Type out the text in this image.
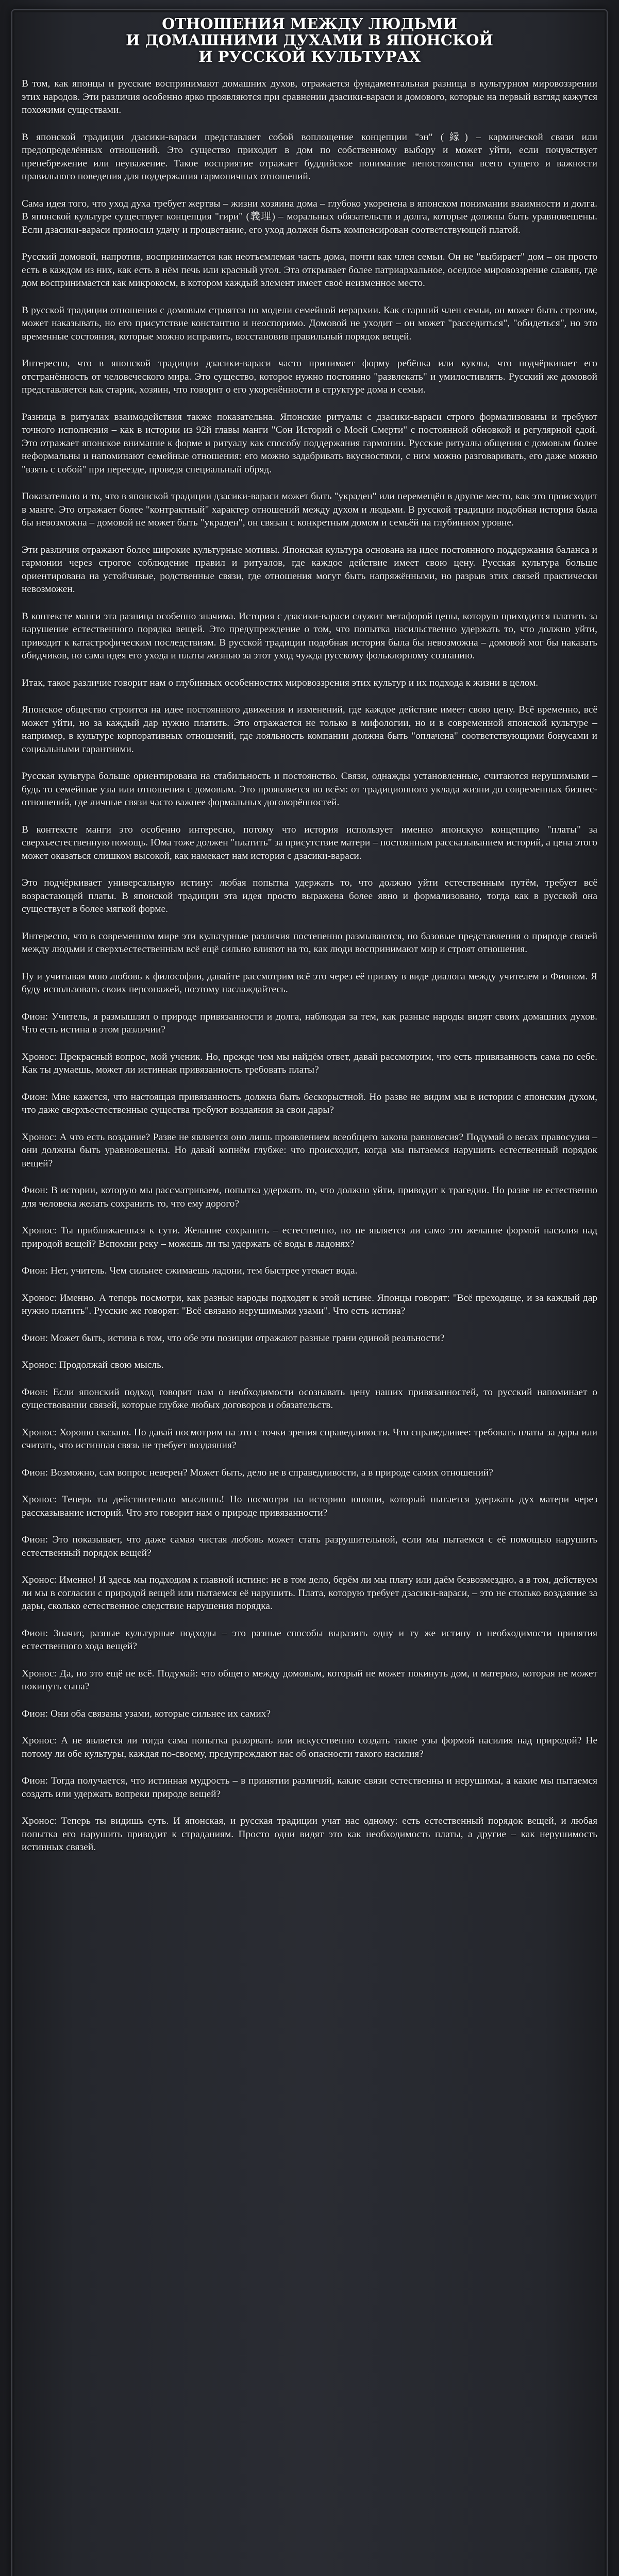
ОТНОШЕНИЯ МЕЖДУ ЛЮДЬМИ
И ДОМАШНИМИ ДУХАМИ В ЯПОНСКОЙ
И РУССКОЙ КУЛЬТУРАХ

В том, как японцы и русские воспринимают домашних духов, отражается фундаментальная разница в культурном мировоззрении этих народов. Эти различия особенно ярко проявляются при сравнении дзасики-вараси и домового, которые на первый взгляд кажутся похожими существами.

В японской традиции дзасики-вараси представляет собой воплощение концепции "эн" (縁) – кармической связи или предопределённых отношений. Это существо приходит в дом по собственному выбору и может уйти, если почувствует пренебрежение или неуважение. Такое восприятие отражает буддийское понимание непостоянства всего сущего и важности правильного поведения для поддержания гармоничных отношений.

Сама идея того, что уход духа требует жертвы – жизни хозяина дома – глубоко укоренена в японском понимании взаимности и долга. В японской культуре существует концепция "гири" (義理) – моральных обязательств и долга, которые должны быть уравновешены. Если дзасики-вараси приносил удачу и процветание, его уход должен быть компенсирован соответствующей платой.

Русский домовой, напротив, воспринимается как неотъемлемая часть дома, почти как член семьи. Он не "выбирает" дом – он просто есть в каждом из них, как есть в нём печь или красный угол. Эта открывает более патриархальное, оседлое мировоззрение славян, где дом воспринимается как микрокосм, в котором каждый элемент имеет своё неизменное место.

В русской традиции отношения с домовым строятся по модели семейной иерархии. Как старший член семьи, он может быть строгим, может наказывать, но его присутствие константно и неоспоримо. Домовой не уходит – он может "расседиться", "обидеться", но это временные состояния, которые можно исправить, восстановив правильный порядок вещей.

Интересно, что в японской традиции дзасики-вараси часто принимает форму ребёнка или куклы, что подчёркивает его отстранённость от человеческого мира. Это существо, которое нужно постоянно "развлекать" и умилостивлять. Русский же домовой представляется как старик, хозяин, что говорит о его укоренённости в структуре дома и семьи.

Разница в ритуалах взаимодействия также показательна. Японские ритуалы с дзасики-вараси строго формализованы и требуют точного исполнения – как в истории из 92й главы манги "Сон Историй о Моей Смерти" с постоянной обновкой и регулярной едой. Это отражает японское внимание к форме и ритуалу как способу поддержания гармонии. Русские ритуалы общения с домовым более неформальны и напоминают семейные отношения: его можно задабривать вкусностями, с ним можно разговаривать, его даже можно "взять с собой" при переезде, проведя специальный обряд.

Показательно и то, что в японской традиции дзасики-вараси может быть "украден" или перемещён в другое место, как это происходит в манге. Это отражает более "контрактный" характер отношений между духом и людьми. В русской традиции подобная история была бы невозможна – домовой не может быть "украден", он связан с конкретным домом и семьёй на глубинном уровне.

Эти различия отражают более широкие культурные мотивы. Японская культура основана на идее постоянного поддержания баланса и гармонии через строгое соблюдение правил и ритуалов, где каждое действие имеет свою цену. Русская культура больше ориентирована на устойчивые, родственные связи, где отношения могут быть напряжёнными, но разрыв этих связей практически невозможен.

В контексте манги эта разница особенно значима. История с дзасики-вараси служит метафорой цены, которую приходится платить за нарушение естественного порядка вещей. Это предупреждение о том, что попытка насильственно удержать то, что должно уйти, приводит к катастрофическим последствиям. В русской традиции подобная история была бы невозможна – домовой мог бы наказать обидчиков, но сама идея его ухода и платы жизнью за этот уход чужда русскому фольклорному сознанию.

Итак, такое различие говорит нам о глубинных особенностях мировоззрения этих культур и их подхода к жизни в целом.

Японское общество строится на идее постоянного движения и изменений, где каждое действие имеет свою цену. Всё временно, всё может уйти, но за каждый дар нужно платить. Это отражается не только в мифологии, но и в современной японской культуре – например, в культуре корпоративных отношений, где лояльность компании должна быть "оплачена" соответствующими бонусами и социальными гарантиями.

Русская культура больше ориентирована на стабильность и постоянство. Связи, однажды установленные, считаются нерушимыми – будь то семейные узы или отношения с домовым. Это проявляется во всём: от традиционного уклада жизни до современных бизнес-отношений, где личные связи часто важнее формальных договорённостей.

В контексте манги это особенно интересно, потому что история использует именно японскую концепцию "платы" за сверхъестественную помощь. Юма тоже должен "платить" за присутствие матери – постоянным рассказыванием историй, а цена этого может оказаться слишком высокой, как намекает нам история с дзасики-вараси.

Это подчёркивает универсальную истину: любая попытка удержать то, что должно уйти естественным путём, требует всё возрастающей платы. В японской традиции эта идея просто выражена более явно и формализовано, тогда как в русской она существует в более мягкой форме.

Интересно, что в современном мире эти культурные различия постепенно размываются, но базовые представления о природе связей между людьми и сверхъестественным всё ещё сильно влияют на то, как люди воспринимают мир и строят отношения.

Ну и учитывая мою любовь к философии, давайте рассмотрим всё это через её призму в виде диалога между учителем и Фионом. Я буду использовать своих персонажей, поэтому наслаждайтесь.

Фион: Учитель, я размышлял о природе привязанности и долга, наблюдая за тем, как разные народы видят своих домашних духов. Что есть истина в этом различии?

Хронос: Прекрасный вопрос, мой ученик. Но, прежде чем мы найдём ответ, давай рассмотрим, что есть привязанность сама по себе. Как ты думаешь, может ли истинная привязанность требовать платы?

Фион: Мне кажется, что настоящая привязанность должна быть бескорыстной. Но разве не видим мы в истории с японским духом, что даже сверхъестественные существа требуют воздаяния за свои дары?

Хронос: А что есть воздание? Разве не является оно лишь проявлением всеобщего закона равновесия? Подумай о весах правосудия – они должны быть уравновешены. Но давай копнём глубже: что происходит, когда мы пытаемся нарушить естественный порядок вещей?

Фион: В истории, которую мы рассматриваем, попытка удержать то, что должно уйти, приводит к трагедии. Но разве не естественно для человека желать сохранить то, что ему дорого?

Хронос: Ты приближаешься к сути. Желание сохранить – естественно, но не является ли само это желание формой насилия над природой вещей? Вспомни реку – можешь ли ты удержать её воды в ладонях?

Фион: Нет, учитель. Чем сильнее сжимаешь ладони, тем быстрее утекает вода.

Хронос: Именно. А теперь посмотри, как разные народы подходят к этой истине. Японцы говорят: "Всё преходяще, и за каждый дар нужно платить". Русские же говорят: "Всё связано нерушимыми узами". Что есть истина?

Фион: Может быть, истина в том, что обе эти позиции отражают разные грани единой реальности?

Хронос: Продолжай свою мысль.

Фион: Если японский подход говорит нам о необходимости осознавать цену наших привязанностей, то русский напоминает о существовании связей, которые глубже любых договоров и обязательств.

Хронос: Хорошо сказано. Но давай посмотрим на это с точки зрения справедливости. Что справедливее: требовать платы за дары или считать, что истинная связь не требует воздаяния?

Фион: Возможно, сам вопрос неверен? Может быть, дело не в справедливости, а в природе самих отношений?

Хронос: Теперь ты действительно мыслишь! Но посмотри на историю юноши, который пытается удержать дух матери через рассказывание историй. Что это говорит нам о природе привязанности?

Фион: Это показывает, что даже самая чистая любовь может стать разрушительной, если мы пытаемся с её помощью нарушить естественный порядок вещей?

Хронос: Именно! И здесь мы подходим к главной истине: не в том дело, берём ли мы плату или даём безвозмездно, а в том, действуем ли мы в согласии с природой вещей или пытаемся её нарушить. Плата, которую требует дзасики-вараси, – это не столько воздаяние за дары, сколько естественное следствие нарушения порядка.

Фион: Значит, разные культурные подходы – это разные способы выразить одну и ту же истину о необходимости принятия естественного хода вещей?

Хронос: Да, но это ещё не всё. Подумай: что общего между домовым, который не может покинуть дом, и матерью, которая не может покинуть сына?

Фион: Они оба связаны узами, которые сильнее их самих?

Хронос: А не является ли тогда сама попытка разорвать или искусственно создать такие узы формой насилия над природой? Не потому ли обе культуры, каждая по-своему, предупреждают нас об опасности такого насилия?

Фион: Тогда получается, что истинная мудрость – в принятии различий, какие связи естественны и нерушимы, а какие мы пытаемся создать или удержать вопреки природе вещей?

Хронос: Теперь ты видишь суть. И японская, и русская традиции учат нас одному: есть естественный порядок вещей, и любая попытка его нарушить приводит к страданиям. Просто одни видят это как необходимость платы, а другие – как нерушимость истинных связей.
